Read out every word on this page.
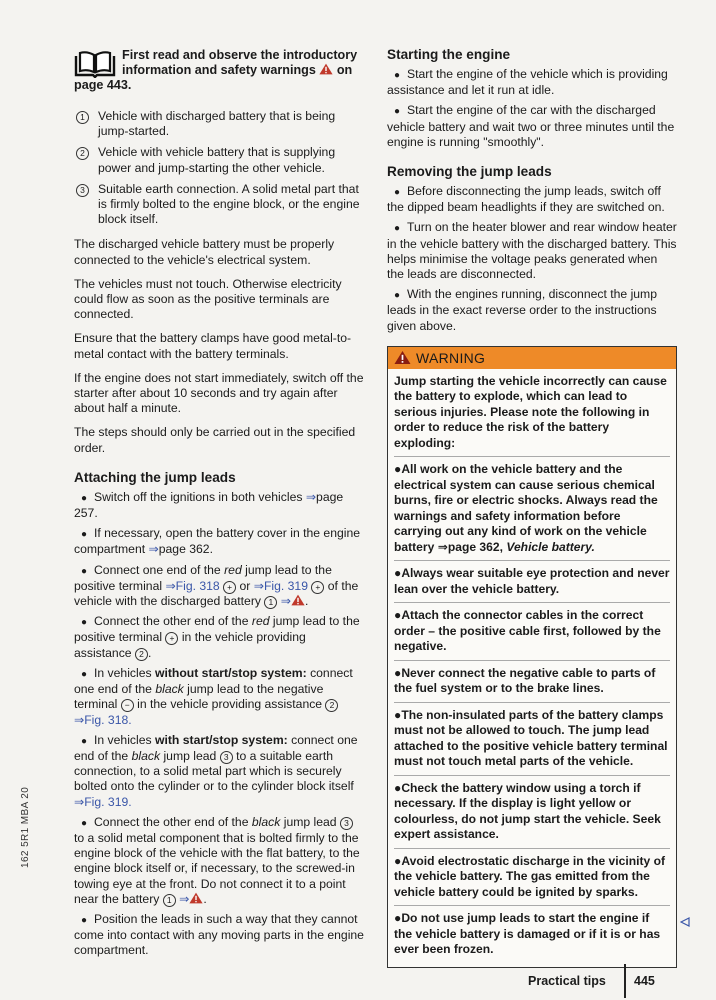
First read and observe the introductory information and safety warnings on page 443.
1	Vehicle with discharged battery that is being jump-started.
2	Vehicle with vehicle battery that is supplying power and jump-starting the other vehicle.
3	Suitable earth connection. A solid metal part that is firmly bolted to the engine block, or the engine block itself.

The discharged vehicle battery must be properly connected to the vehicle's electrical system.

The vehicles must not touch. Otherwise electricity could flow as soon as the positive terminals are connected.

Ensure that the battery clamps have good metal-to-metal contact with the battery terminals.

If the engine does not start immediately, switch off the starter after about 10 seconds and try again after about half a minute.

The steps should only be carried out in the specified order.

Attaching the jump leads

● Switch off the ignitions in both vehicles ⇒page 257.

● If necessary, open the battery cover in the engine compartment ⇒page 362.

● Connect one end of the red jump lead to the positive terminal ⇒Fig. 318 + or ⇒Fig. 319 + of the vehicle with the discharged battery 1 ⇒ .

● Connect the other end of the red jump lead to the positive terminal + in the vehicle providing assistance 2 .

● In vehicles without start/stop system: connect one end of the black jump lead to the negative terminal − in the vehicle providing assistance 2 ⇒Fig. 318.

● In vehicles with start/stop system: connect one end of the black jump lead 3 to a suitable earth connection, to a solid metal part which is securely bolted onto the cylinder or to the cylinder block itself ⇒Fig. 319.

● Connect the other end of the black jump lead 3 to a solid metal component that is bolted firmly to the engine block of the vehicle with the flat battery, to the engine block itself or, if necessary, to the screwed-in towing eye at the front. Do not connect it to a point near the battery 1 ⇒ .

● Position the leads in such a way that they cannot come into contact with any moving parts in the engine compartment.

Starting the engine

● Start the engine of the vehicle which is providing assistance and let it run at idle.

● Start the engine of the car with the discharged vehicle battery and wait two or three minutes until the engine is running "smoothly".

Removing the jump leads

● Before disconnecting the jump leads, switch off the dipped beam headlights if they are switched on.

● Turn on the heater blower and rear window heater in the vehicle battery with the discharged battery. This helps minimise the voltage peaks generated when the leads are disconnected.

● With the engines running, disconnect the jump leads in the exact reverse order to the instructions given above.

WARNING
Jump starting the vehicle incorrectly can cause the battery to explode, which can lead to serious injuries. Please note the following in order to reduce the risk of the battery exploding:
●All work on the vehicle battery and the electrical system can cause serious chemical burns, fire or electric shocks. Always read the warnings and safety information before carrying out any kind of work on the vehicle battery ⇒page 362, Vehicle battery.
●Always wear suitable eye protection and never lean over the vehicle battery.
●Attach the connector cables in the correct order – the positive cable first, followed by the negative.
●Never connect the negative cable to parts of the fuel system or to the brake lines.
●The non-insulated parts of the battery clamps must not be allowed to touch. The jump lead attached to the positive vehicle battery terminal must not touch metal parts of the vehicle.
●Check the battery window using a torch if necessary. If the display is light yellow or colourless, do not jump start the vehicle. Seek expert assistance.
●Avoid electrostatic discharge in the vicinity of the vehicle battery. The gas emitted from the vehicle battery could be ignited by sparks.
●Do not use jump leads to start the engine if the vehicle battery is damaged or if it is or has ever been frozen.
162 5R1 MBA 20
Practical tips 445
